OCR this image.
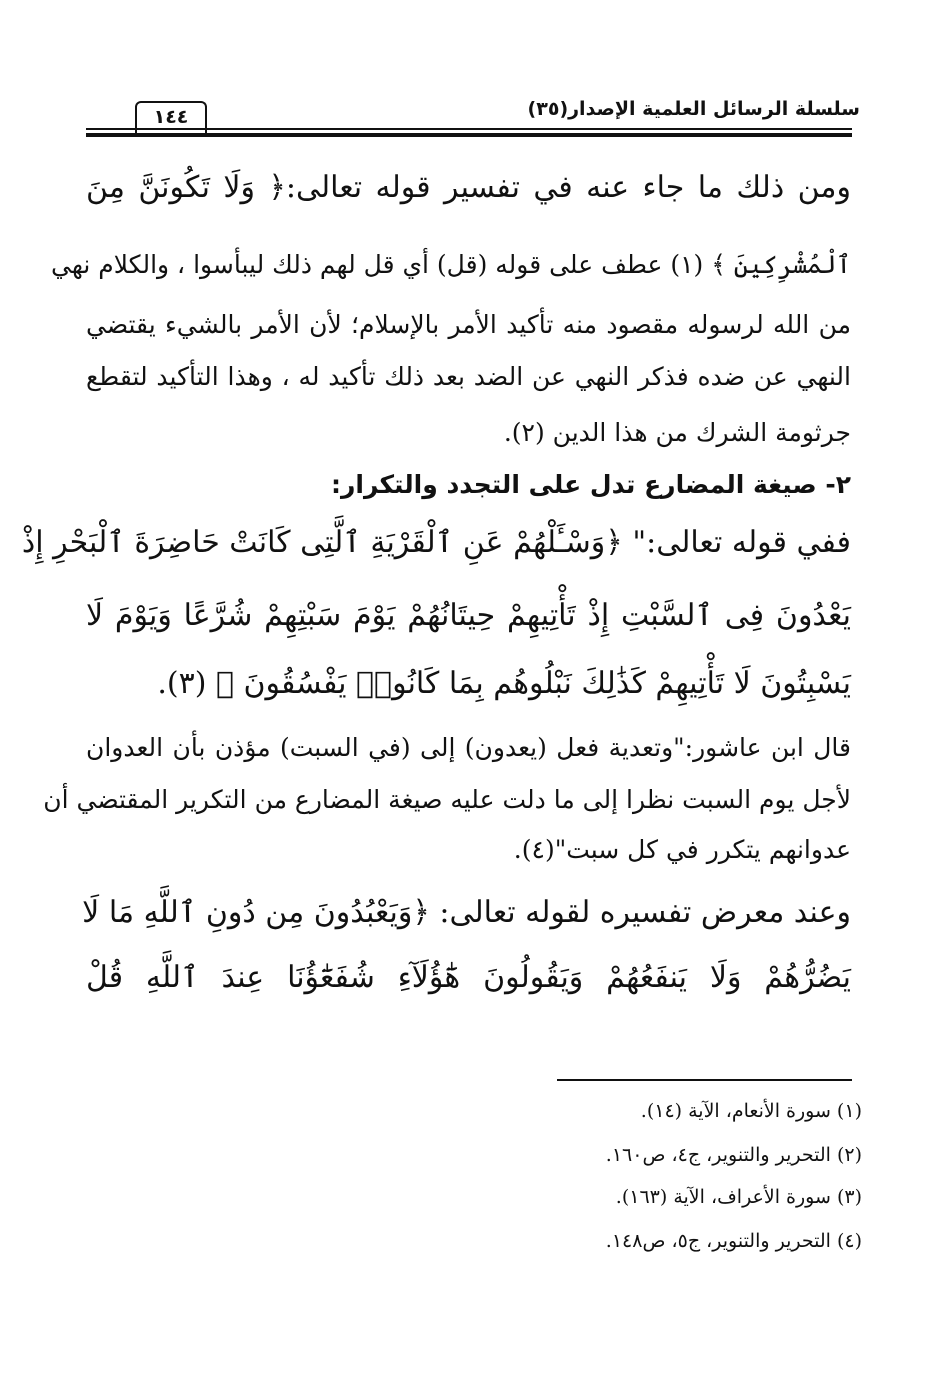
سلسلة الرسائل العلمية الإصدار(٣٥)
١٤٤
ومن ذلك ما جاء عنه في تفسير قوله تعالى:﴿ وَلَا تَكُونَنَّ مِنَ
ٱلْمُشْرِكِينَ ﴾ (١) عطف على قوله (قل) أي قل لهم ذلك ليبأسوا ، والكلام نهي
من الله لرسوله مقصود منه تأكيد الأمر بالإسلام؛ لأن الأمر بالشيء يقتضي
النهي عن ضده فذكر النهي عن الضد بعد ذلك تأكيد له ، وهذا التأكيد لتقطع
جرثومة الشرك من هذا الدين (٢).
٢- صيغة المضارع تدل على التجدد والتكرار:
ففي قوله تعالى:" ﴿وَسْـَٔلْهُمْ عَنِ ٱلْقَرْيَةِ ٱلَّتِى كَانَتْ حَاضِرَةَ ٱلْبَحْرِ إِذْ
يَعْدُونَ فِى ٱلسَّبْتِ إِذْ تَأْتِيهِمْ حِيتَانُهُمْ يَوْمَ سَبْتِهِمْ شُرَّعًا وَيَوْمَ لَا
يَسْبِتُونَ لَا تَأْتِيهِمْ كَذَٰلِكَ نَبْلُوهُم بِمَا كَانُوا۟ يَفْسُقُونَ ﴾ (٣).
قال ابن عاشور:"وتعدية فعل (يعدون) إلى (في السبت) مؤذن بأن العدوان
لأجل يوم السبت نظرا إلى ما دلت عليه صيغة المضارع من التكرير المقتضي أن
عدوانهم يتكرر في كل سبت"(٤).
وعند معرض تفسيره لقوله تعالى: ﴿وَيَعْبُدُونَ مِن دُونِ ٱللَّهِ مَا لَا
يَضُرُّهُمْ وَلَا يَنفَعُهُمْ وَيَقُولُونَ هَٰٓؤُلَآءِ شُفَعَٰٓؤُنَا عِندَ ٱللَّهِ قُلْ
(١) سورة الأنعام، الآية (١٤).
(٢) التحرير والتنوير، ج٤، ص١٦٠.
(٣) سورة الأعراف، الآية (١٦٣).
(٤) التحرير والتنوير، ج٥، ص١٤٨.
